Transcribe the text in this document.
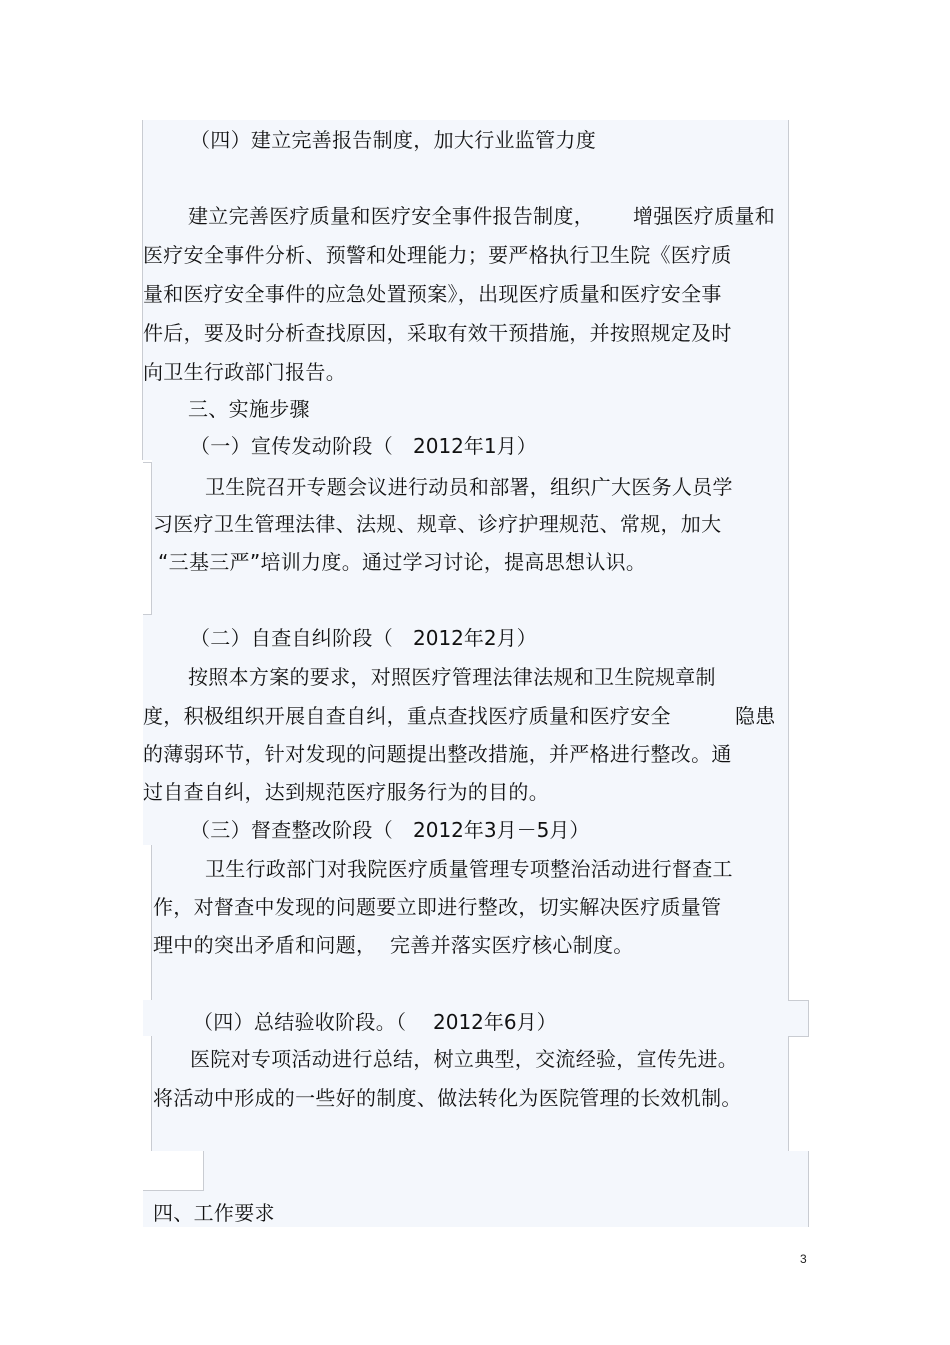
（四）建立完善报告制度，加大行业监管力度
建立完善医疗质量和医疗安全事件报告制度， 增强医疗质量和
医疗安全事件分析、预警和处理能力；要严格执行卫生院《医疗质
量和医疗安全事件的应急处置预案》，出现医疗质量和医疗安全事
件后，要及时分析查找原因，采取有效干预措施，并按照规定及时
向卫生行政部门报告。
三、实施步骤
（一）宣传发动阶段（ 2012年1月）
卫生院召开专题会议进行动员和部署，组织广大医务人员学
习医疗卫生管理法律、法规、规章、诊疗护理规范、常规，加大
“三基三严”培训力度。通过学习讨论，提高思想认识。
（二）自查自纠阶段（ 2012年2月）
按照本方案的要求，对照医疗管理法律法规和卫生院规章制
度，积极组织开展自查自纠，重点查找医疗质量和医疗安全	隐患
的薄弱环节，针对发现的问题提出整改措施，并严格进行整改。通
过自查自纠，达到规范医疗服务行为的目的。
（三）督查整改阶段（ 2012年3月－5月）
卫生行政部门对我院医疗质量管理专项整治活动进行督查工
作，对督查中发现的问题要立即进行整改，切实解决医疗质量管
理中的突出矛盾和问题， 完善并落实医疗核心制度。
（四）总结验收阶段。（ 2012年6月）
医院对专项活动进行总结，树立典型，交流经验，宣传先进。
将活动中形成的一些好的制度、做法转化为医院管理的长效机制。
四、工作要求
3
